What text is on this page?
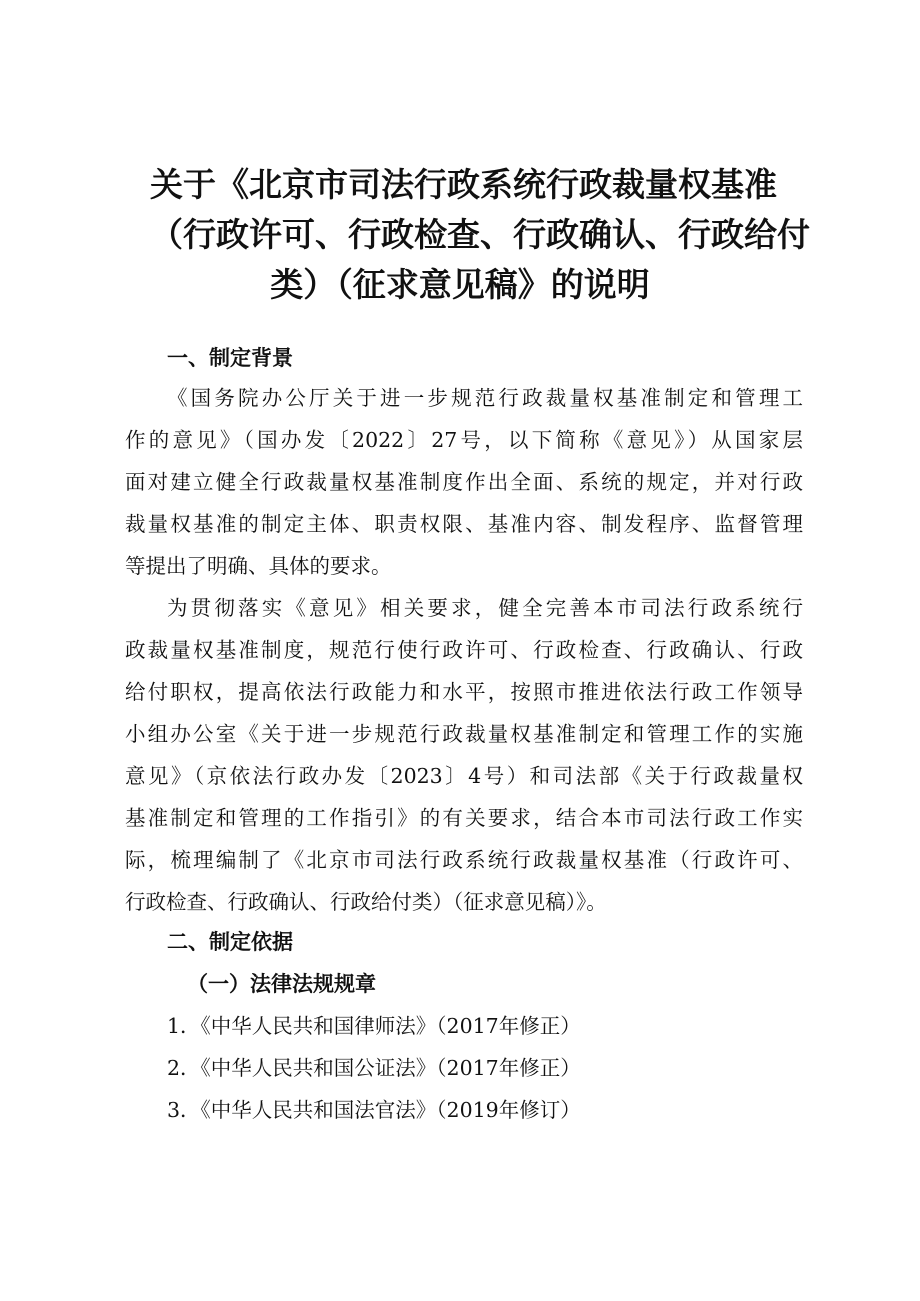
关于《北京市司法行政系统行政裁量权基准
（行政许可、行政检查、行政确认、行政给付
类）（征求意见稿》的说明
一、制定背景

《国务院办公厅关于进一步规范行政裁量权基准制定和管理工

作的意见》（国办发〔2022〕27号，以下简称《意见》）从国家层

面对建立健全行政裁量权基准制度作出全面、系统的规定，并对行政

裁量权基准的制定主体、职责权限、基准内容、制发程序、监督管理

等提出了明确、具体的要求。

为贯彻落实《意见》相关要求，健全完善本市司法行政系统行

政裁量权基准制度，规范行使行政许可、行政检查、行政确认、行政

给付职权，提高依法行政能力和水平，按照市推进依法行政工作领导

小组办公室《关于进一步规范行政裁量权基准制定和管理工作的实施

意见》（京依法行政办发〔2023〕4号）和司法部《关于行政裁量权

基准制定和管理的工作指引》的有关要求，结合本市司法行政工作实

际，梳理编制了《北京市司法行政系统行政裁量权基准（行政许可、

行政检查、行政确认、行政给付类）（征求意见稿）》。

二、制定依据
（一）法律法规规章

1．《中华人民共和国律师法》（2017年修正）

2．《中华人民共和国公证法》（2017年修正）

3．《中华人民共和国法官法》（2019年修订）
